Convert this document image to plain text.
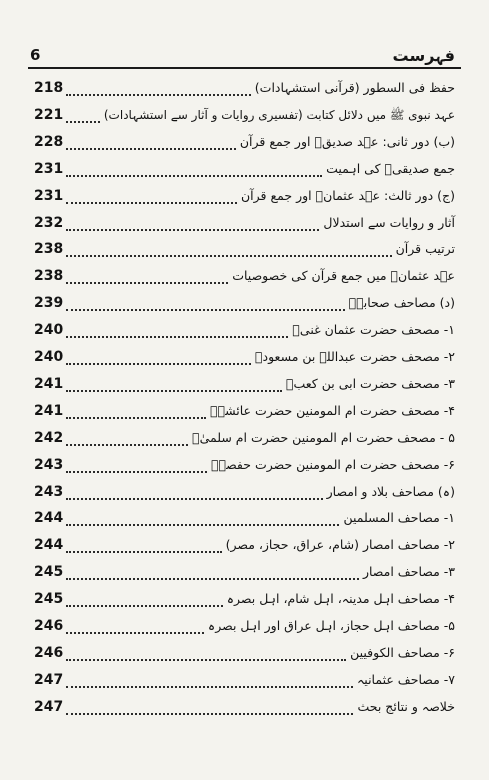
فہرست
6
218	حفظ فی السطور (قرآنی استشہادات)
221	عہد نبوی ﷺ میں دلائل کتابت (تفسیری روایات و آثار سے استشہادات)
228	(ب) دور ثانی: عہد صدیقؓ اور جمع قرآن
231	جمع صدیقیؓ کی اہمیت
231	(ج) دور ثالث: عہد عثمانؓ اور جمع قرآن
232	آثار و روایات سے استدلال
238	ترتیب قرآن
238	عہد عثمانؓ میں جمع قرآن کی خصوصیات
239	(د) مصاحف صحابہؓ
240	۱- مصحف حضرت عثمان غنیؓ
240	۲- مصحف حضرت عبداللہ بن مسعودؓ
241	۳- مصحف حضرت ابی بن کعبؓ
241	۴- مصحف حضرت ام المومنین حضرت عائشہؓ
242	۵ - مصحف حضرت ام المومنین حضرت ام سلمیٰؓ
243	۶- مصحف حضرت ام المومنین حضرت حفصہؓ
243	(ہ) مصاحف بلاد و امصار
244	۱- مصاحف المسلمین
244	۲- مصاحف امصار (شام، عراق، حجاز، مصر)
245	۳- مصاحف امصار
245	۴- مصاحف اہل مدینہ، اہل شام، اہل بصرہ
246	۵- مصاحف اہل حجاز، اہل عراق اور اہل بصرہ
246	۶- مصاحف الکوفیین
247	۷- مصاحف عثمانیہ
247	خلاصہ و نتائج بحث
